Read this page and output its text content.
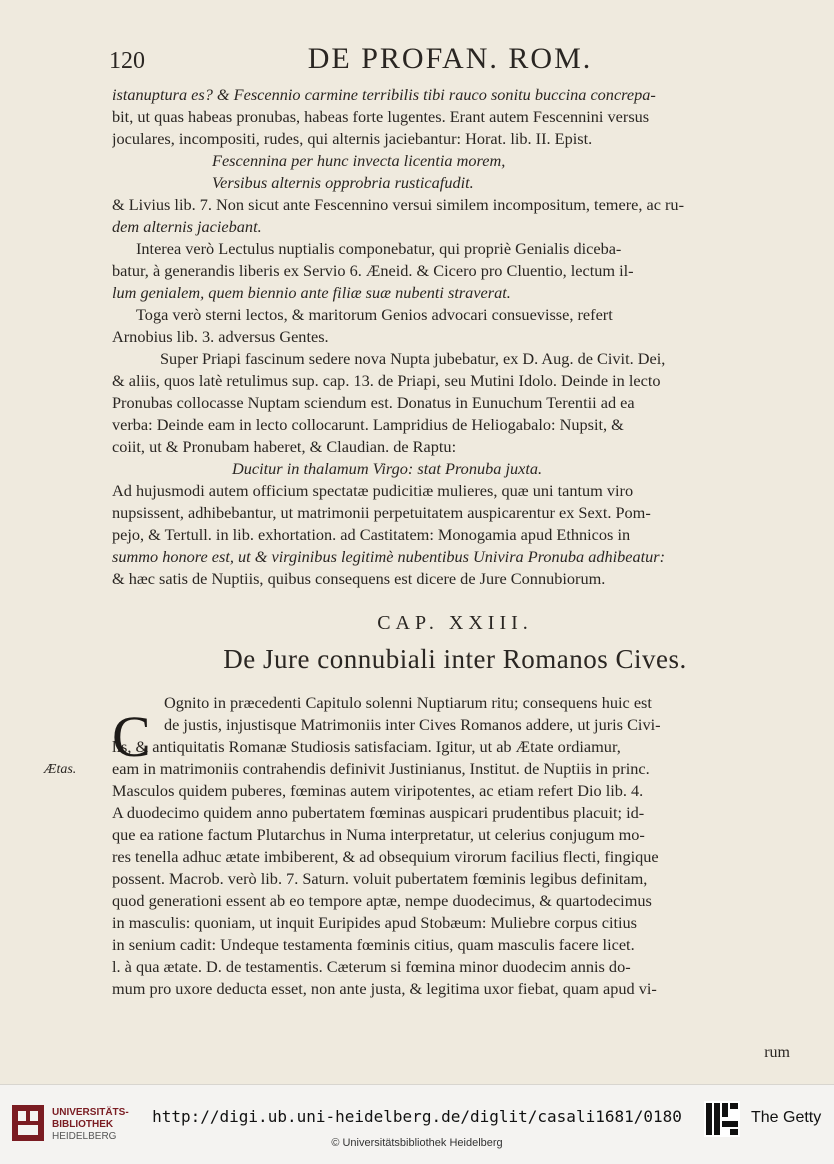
120	DE PROFAN. ROM.
istanuptura es? & Fescennio carmine terribilis tibi rauco sonitu buccina concrepa-
bit, ut quas habeas pronubas, habeas forte lugentes. Erant autem Fescennini versus
joculares, incompositi, rudes, qui alternis jaciebantur: Horat. lib. II. Epist.
Fescennina per hunc invecta licentia morem,
Versibus alternis opprobria rusticafudit.
& Livius lib. 7. Non sicut ante Fescennino versui similem incompositum, temere, ac ru-
dem alternis jaciebant.
Interea verò Lectulus nuptialis componebatur, qui propriè Genialis diceba-
batur, à generandis liberis ex Servio 6. Æneid. & Cicero pro Cluentio, lectum il-
lum genialem, quem biennio ante filiæ suæ nubenti straverat.
Toga verò sterni lectos, & maritorum Genios advocari consuevisse, refert
Arnobius lib. 3. adversus Gentes.
Super Priapi fascinum sedere nova Nupta jubebatur, ex D. Aug. de Civit. Dei,
& aliis, quos latè retulimus sup. cap. 13. de Priapi, seu Mutini Idolo. Deinde in lecto
Pronubas collocasse Nuptam sciendum est. Donatus in Eunuchum Terentii ad ea
verba: Deinde eam in lecto collocarunt. Lampridius de Heliogabalo: Nupsit, &
coiit, ut & Pronubam haberet, & Claudian. de Raptu:
Ducitur in thalamum Virgo: stat Pronuba juxta.
Ad hujusmodi autem officium spectatæ pudicitiæ mulieres, quæ uni tantum viro
nupsissent, adhibebantur, ut matrimonii perpetuitatem auspicarentur ex Sext. Pom-
pejo, & Tertull. in lib. exhortation. ad Castitatem: Monogamia apud Ethnicos in
summo honore est, ut & virginibus legitimè nubentibus Univira Pronuba adhibeatur:
& hæc satis de Nuptiis, quibus consequens est dicere de Jure Connubiorum.
CAP. XXIII.
De Jure connubiali inter Romanos Cives.
Ognito in præcedenti Capitulo solenni Nuptiarum ritu; consequens huic est
de justis, injustisque Matrimoniis inter Cives Romanos addere, ut juris Civi-
lis, & antiquitatis Romanæ Studiosis satisfaciam. Igitur, ut ab Ætate ordiamur,
eam in matrimoniis contrahendis definivit Justinianus, Institut. de Nuptiis in princ.
Masculos quidem puberes, fœminas autem viripotentes, ac etiam refert Dio lib. 4.
A duodecimo quidem anno pubertatem fœminas auspicari prudentibus placuit; id-
que ea ratione factum Plutarchus in Numa interpretatur, ut celerius conjugum mo-
res tenella adhuc ætate imbiberent, & ad obsequium virorum facilius flecti, fingique
possent. Macrob. verò lib. 7. Saturn. voluit pubertatem fœminis legibus definitam,
quod generationi essent ab eo tempore aptæ, nempe duodecimus, & quartodecimus
in masculis: quoniam, ut inquit Euripides apud Stobæum: Muliebre corpus citius
in senium cadit: Undeque testamenta fœminis citius, quam masculis facere licet.
l. à qua ætate. D. de testamentis. Cæterum si fœmina minor duodecim annis do-
mum pro uxore deducta esset, non ante justa, & legitima uxor fiebat, quam apud vi-
C
Ætas.
rum
UNIVERSITÄTS-
BIBLIOTHEK
HEIDELBERG
http://digi.ub.uni-heidelberg.de/diglit/casali1681/0180
© Universitätsbibliothek Heidelberg
The Getty
